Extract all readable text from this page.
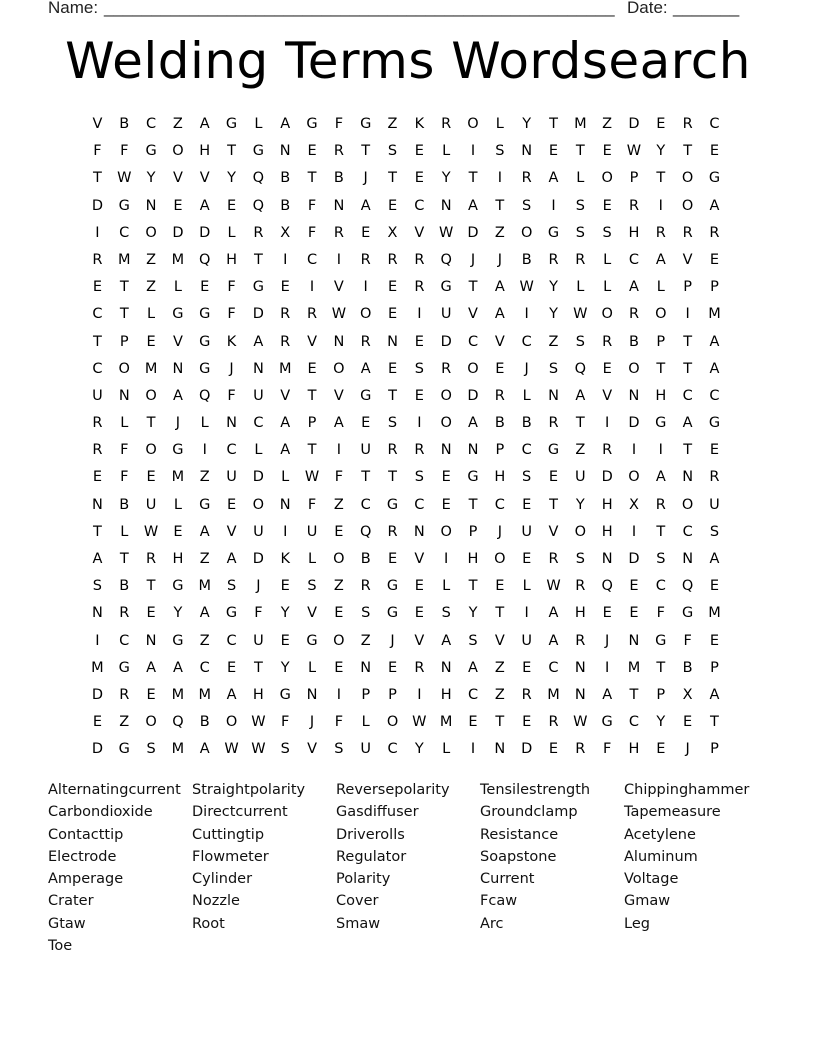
Name: ______________________________________________________ Date: _______
Welding Terms Wordsearch
V	B	C	Z	A	G	L	A	G	F	G	Z	K	R	O	L	Y	T	M	Z	D	E	R	C
F	F	G	O	H	T	G	N	E	R	T	S	E	L	I	S	N	E	T	E	W	Y	T	E
T	W	Y	V	V	Y	Q	B	T	B	J	T	E	Y	T	I	R	A	L	O	P	T	O	G
D	G	N	E	A	E	Q	B	F	N	A	E	C	N	A	T	S	I	S	E	R	I	O	A
I	C	O	D	D	L	R	X	F	R	E	X	V	W D	Z	O	G	S	S	H	R	R	R
R	M	Z	M	Q	H	T	I	C	I	R	R	R	Q	J	J	B	R	R	L	C	A	V	E
E	T	Z	L	E	F	G	E	I	V	I	E	R	G	T	A	W	Y	L	L	A	L	P	P
C	T	L	G	G	F	D	R	R	W O	E	I	U	V	A	I	Y	W O	R	O	I	M
T	P	E	V	G	K	A	R	V	N	R	N	E	D	C	V	C	Z	S	R	B	P	T	A
C	O	M	N	G	J	N	M	E	O	A	E	S	R	O	E	J	S	Q	E	O	T	T	A
U	N	O	A	Q	F	U	V	T	V	G	T	E	O	D	R	L	N	A	V	N	H	C	C
R	L	T	J	L	N	C	A	P	A	E	S	I	O	A	B	B	R	T	I	D	G	A	G
R	F	O	G	I	C	L	A	T	I	U	R	R	N	N	P	C	G	Z	R	I	I	T	E
E	F	E	M	Z	U	D	L	W	F	T	T	S	E	G	H	S	E	U	D	O	A	N	R
N	B	U	L	G	E	O	N	F	Z	C	G	C	E	T	C	E	T	Y	H	X	R	O	U
T	L	W	E	A	V	U	I	U	E	Q	R	N	O	P	J	U	V	O	H	I	T	C	S
A	T	R	H	Z	A	D	K	L	O	B	E	V	I	H	O	E	R	S	N	D	S	N	A
S	B	T	G	M	S	J	E	S	Z	R	G	E	L	T	E	L	W	R	Q	E	C	Q	E
N	R	E	Y	A	G	F	Y	V	E	S	G	E	S	Y	T	I	A	H	E	E	F	G	M
I	C	N	G	Z	C	U	E	G	O	Z	J	V	A	S	V	U	A	R	J	N	G	F	E
M	G	A	A	C	E	T	Y	L	E	N	E	R	N	A	Z	E	C	N	I	M	T	B	P
D	R	E	M M	A	H	G	N	I	P	P	I	H	C	Z	R	M	N	A	T	P	X	A
E	Z	O	Q	B	O W	F	J	F	L	O W M	E	T	E	R	W G	C	Y	E	T
D	G	S	M	A	W W	S	V	S	U	C	Y	L	I	N	D	E	R	F	H	E	J	P
Alternatingcurrent Straightpolarity	Reversepolarity	Tensilestrength	Chippinghammer
Carbondioxide	Directcurrent	Gasdiffuser	Groundclamp	Tapemeasure
Contacttip	Cuttingtip	Driverolls	Resistance	Acetylene
Electrode	Flowmeter	Regulator	Soapstone	Aluminum
Amperage	Cylinder	Polarity	Current	Voltage
Crater	Nozzle	Cover	Fcaw	Gmaw
Gtaw	Root	Smaw	Arc	Leg
Toe
